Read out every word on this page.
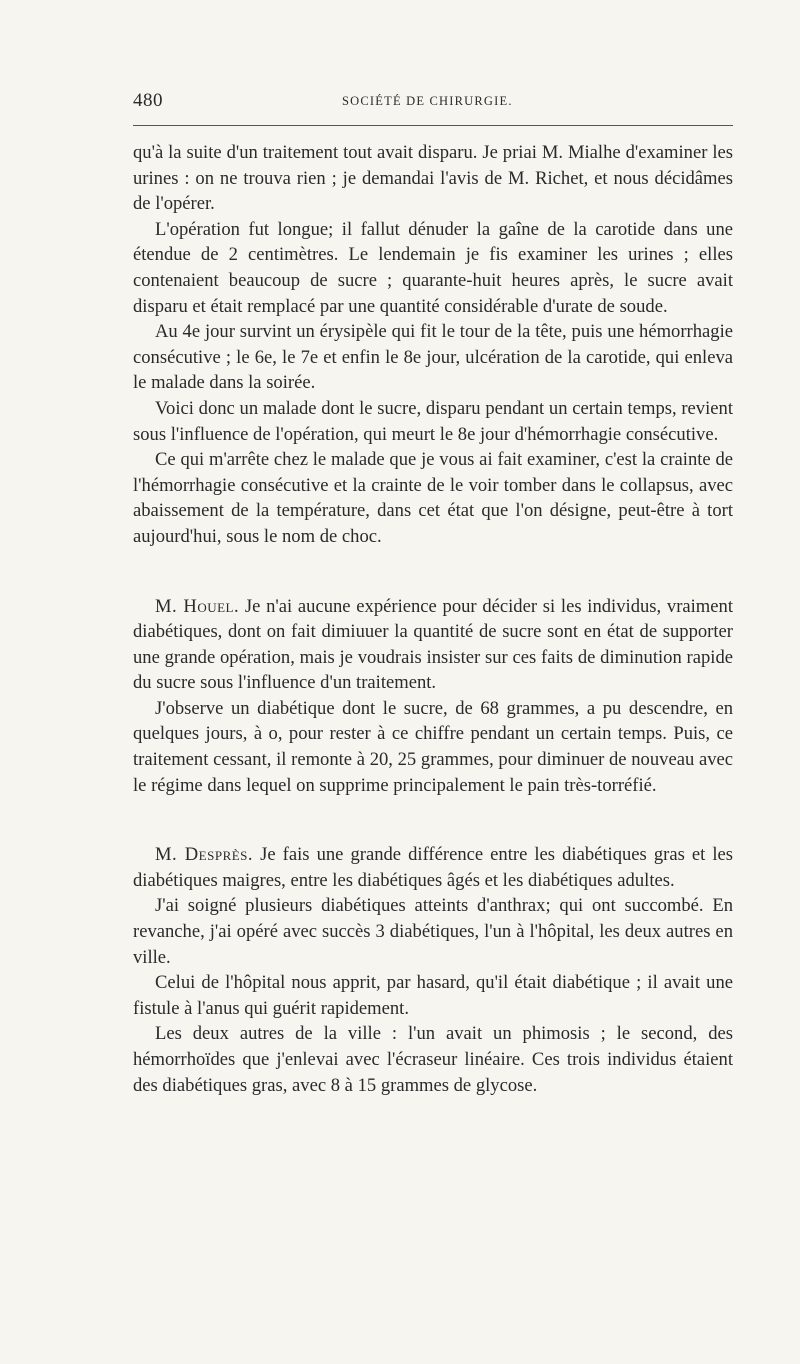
480	SOCIÉTÉ DE CHIRURGIE.

qu'à la suite d'un traitement tout avait disparu. Je priai M. Mialhe d'examiner les urines : on ne trouva rien ; je demandai l'avis de M. Richet, et nous décidâmes de l'opérer.

L'opération fut longue; il fallut dénuder la gaîne de la carotide dans une étendue de 2 centimètres. Le lendemain je fis examiner les urines ; elles contenaient beaucoup de sucre ; quarante-huit heures après, le sucre avait disparu et était remplacé par une quantité considérable d'urate de soude.

Au 4e jour survint un érysipèle qui fit le tour de la tête, puis une hémorrhagie consécutive ; le 6e, le 7e et enfin le 8e jour, ulcération de la carotide, qui enleva le malade dans la soirée.

Voici donc un malade dont le sucre, disparu pendant un certain temps, revient sous l'influence de l'opération, qui meurt le 8e jour d'hémorrhagie consécutive.

Ce qui m'arrête chez le malade que je vous ai fait examiner, c'est la crainte de l'hémorrhagie consécutive et la crainte de le voir tomber dans le collapsus, avec abaissement de la température, dans cet état que l'on désigne, peut-être à tort aujourd'hui, sous le nom de choc.

M. Houel. Je n'ai aucune expérience pour décider si les individus, vraiment diabétiques, dont on fait dimiuuer la quantité de sucre sont en état de supporter une grande opération, mais je voudrais insister sur ces faits de diminution rapide du sucre sous l'influence d'un traitement.

J'observe un diabétique dont le sucre, de 68 grammes, a pu descendre, en quelques jours, à o, pour rester à ce chiffre pendant un certain temps. Puis, ce traitement cessant, il remonte à 20, 25 grammes, pour diminuer de nouveau avec le régime dans lequel on supprime principalement le pain très-torréfié.

M. Desprès. Je fais une grande différence entre les diabétiques gras et les diabétiques maigres, entre les diabétiques âgés et les diabétiques adultes.

J'ai soigné plusieurs diabétiques atteints d'anthrax; qui ont succombé. En revanche, j'ai opéré avec succès 3 diabétiques, l'un à l'hôpital, les deux autres en ville.

Celui de l'hôpital nous apprit, par hasard, qu'il était diabétique ; il avait une fistule à l'anus qui guérit rapidement.

Les deux autres de la ville : l'un avait un phimosis ; le second, des hémorrhoïdes que j'enlevai avec l'écraseur linéaire. Ces trois individus étaient des diabétiques gras, avec 8 à 15 grammes de glycose.
